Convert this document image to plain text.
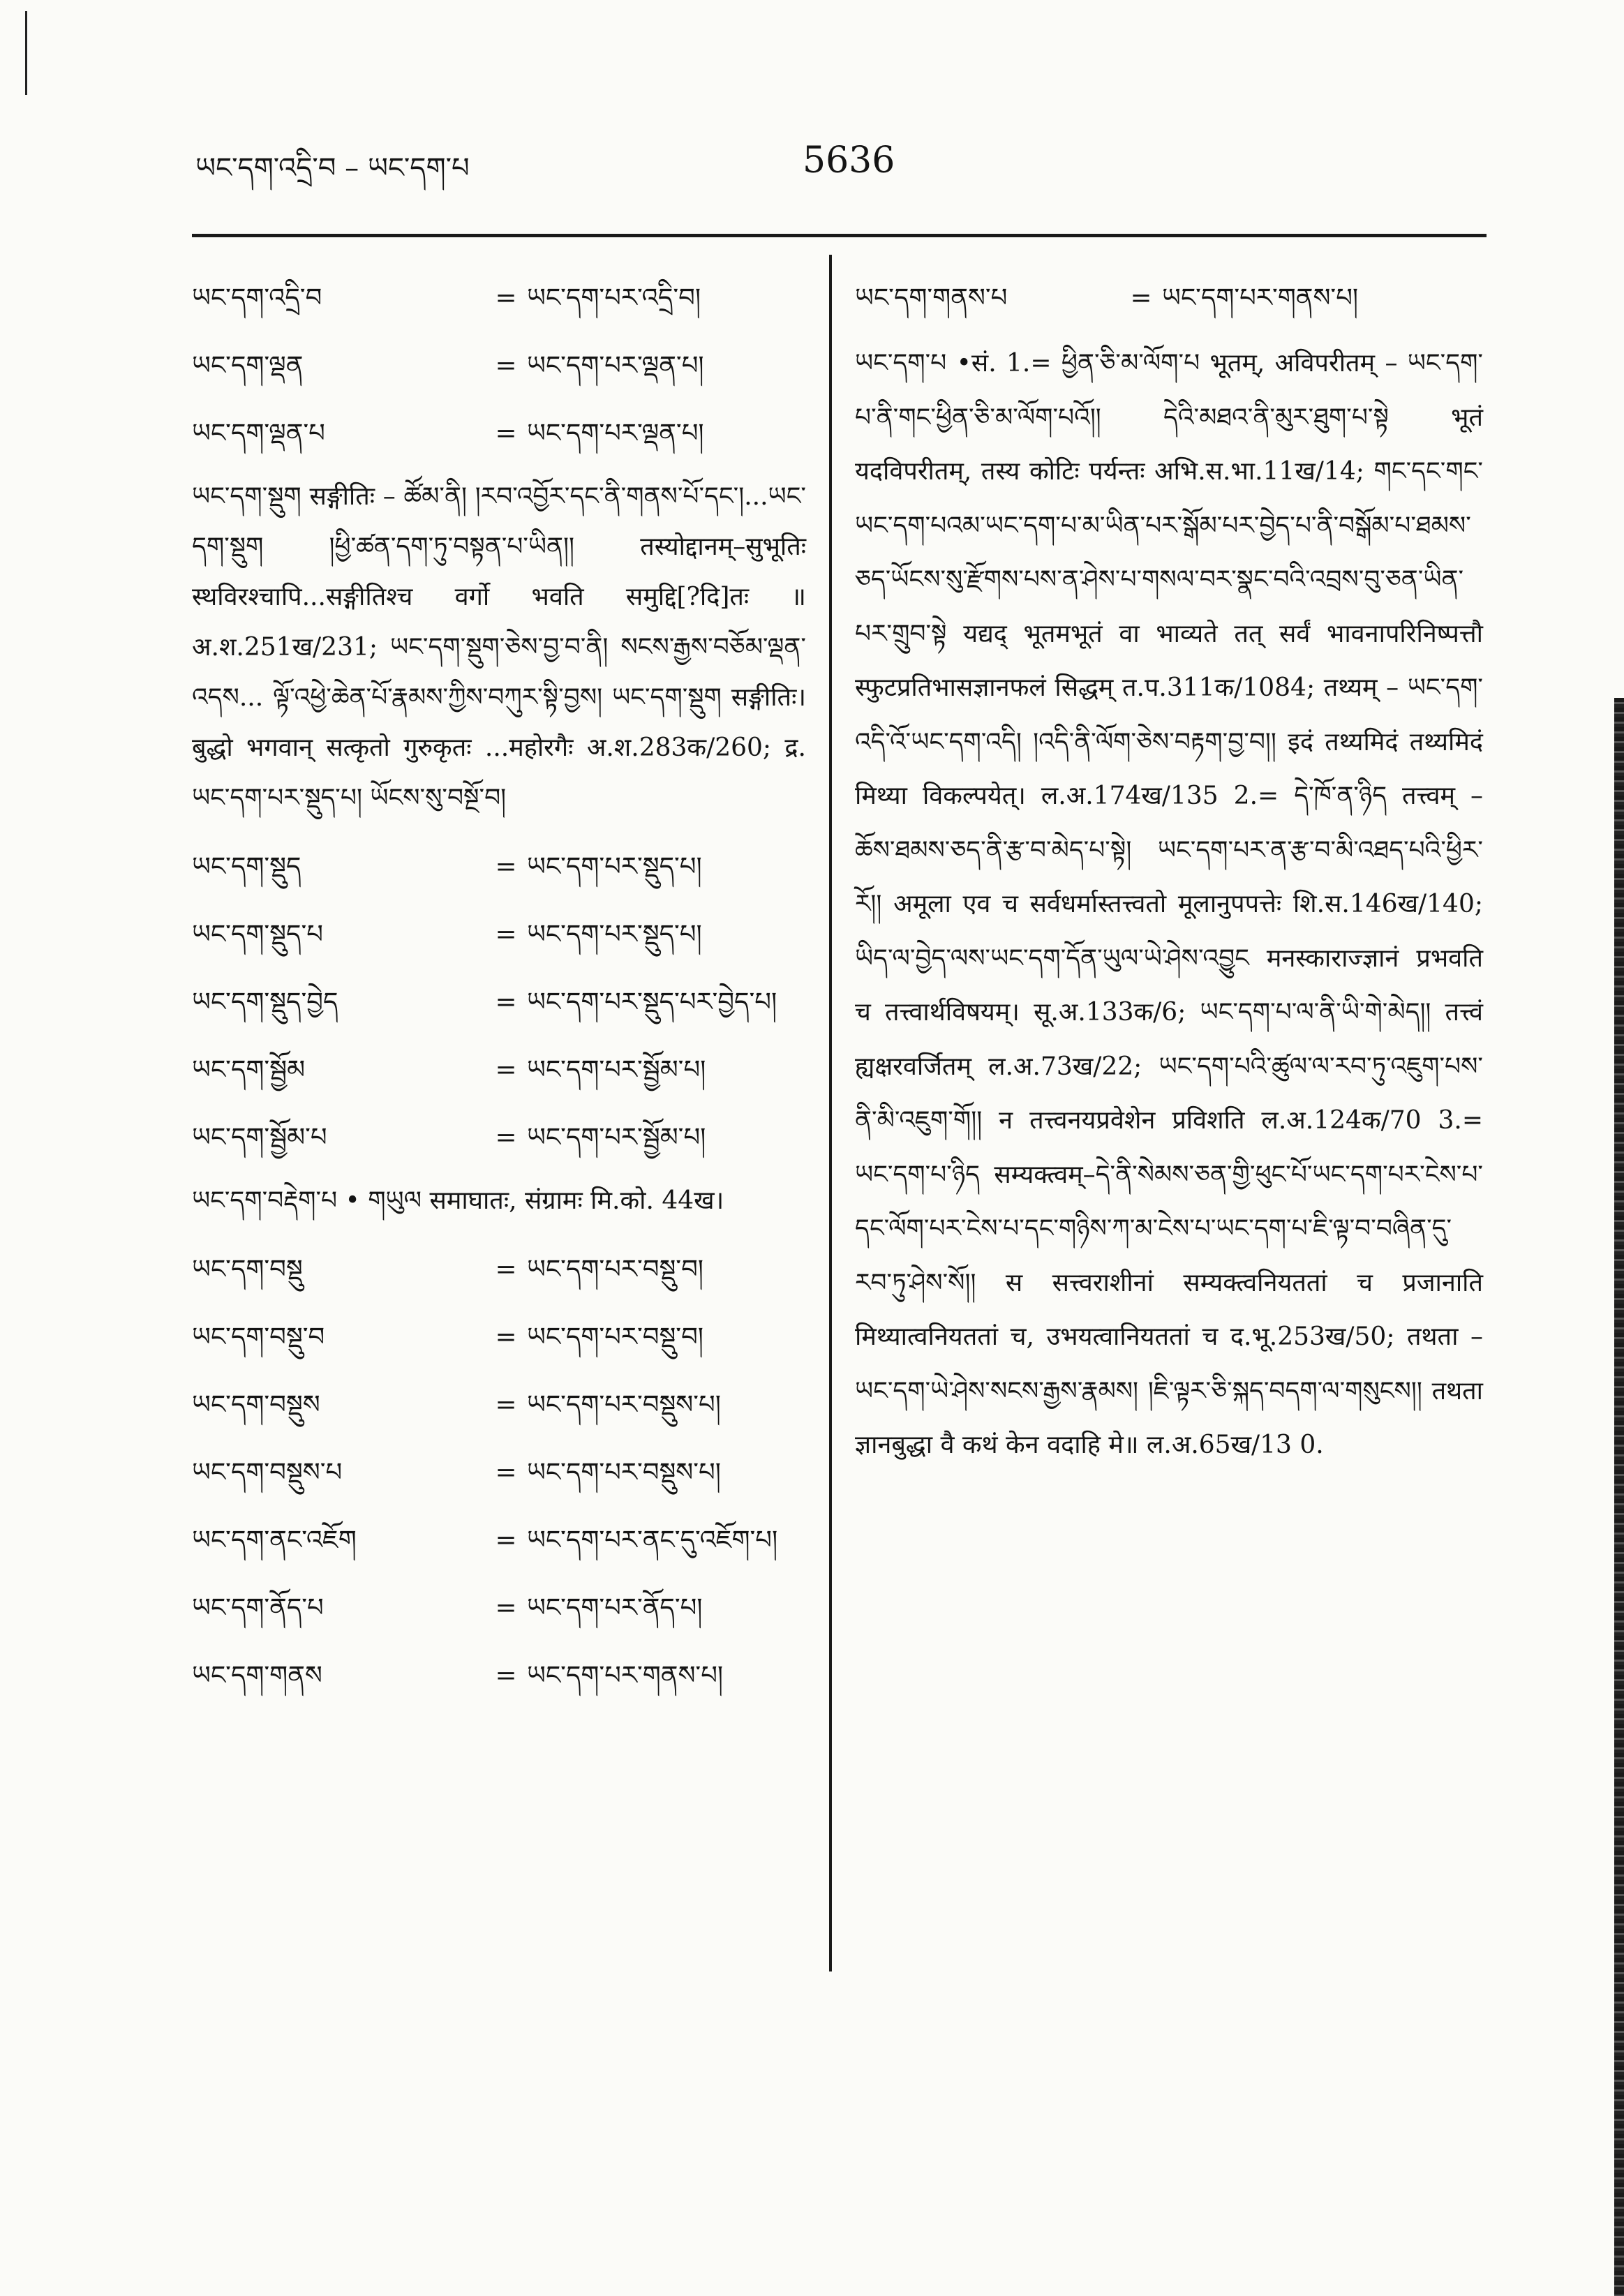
ཡང་དག་འདྲི་བ – ཡང་དག་པ	5636
ཡང་དག་འདྲི་བ	= ཡང་དག་པར་འདྲི་བ།
ཡང་དག་ལྡན	= ཡང་དག་པར་ལྡན་པ།
ཡང་དག་ལྡན་པ	= ཡང་དག་པར་ལྡན་པ།
ཡང་དག་སྡུག सङ्गीतिः – ཚོམ་ནི། །རབ་འབྱོར་དང་ནི་གནས་པོ་དང་།...ཡང་དག་སྡུག །ཕྱི་ཚན་དག་ཏུ་བསྟན་པ་ཡིན།། तस्योद्दानम्–सुभूतिः स्थविरश्चापि...सङ्गीतिश्च वर्गो भवति समुद्दि[?दि]तः ॥ अ.श.251ख/231; ཡང་དག་སྡུག་ཅེས་བྱ་བ་ནི། སངས་རྒྱས་བཅོམ་ལྡན་འདས... ལྟོ་འཕྱེ་ཆེན་པོ་རྣམས་ཀྱིས་བཀུར་སྟི་བྱས། ཡང་དག་སྡུག सङ्गीतिः। बुद्धो भगवान् सत्कृतो गुरुकृतः ...महोरगैः अ.श.283क/260; द्र. ཡང་དག་པར་སྡུད་པ། ཡོངས་སུ་བསྔོ་བ།
ཡང་དག་སྡུད	= ཡང་དག་པར་སྡུད་པ།
ཡང་དག་སྡུད་པ	= ཡང་དག་པར་སྡུད་པ།
ཡང་དག་སྡུད་བྱེད	= ཡང་དག་པར་སྡུད་པར་བྱེད་པ།
ཡང་དག་སྦྱོམ	= ཡང་དག་པར་སྦྱོམ་པ།
ཡང་དག་སྦྱོམ་པ	= ཡང་དག་པར་སྦྱོམ་པ།
ཡང་དག་བརྡེག་པ • གཡུལ समाघातः, संग्रामः मि.को. 44ख।
ཡང་དག་བསྡུ	= ཡང་དག་པར་བསྡུ་བ།
ཡང་དག་བསྡུ་བ	= ཡང་དག་པར་བསྡུ་བ།
ཡང་དག་བསྡུས	= ཡང་དག་པར་བསྡུས་པ།
ཡང་དག་བསྡུས་པ	= ཡང་དག་པར་བསྡུས་པ།
ཡང་དག་ནང་འཇོག	= ཡང་དག་པར་ནང་དུ་འཇོག་པ།
ཡང་དག་ནོད་པ	= ཡང་དག་པར་ནོད་པ།
ཡང་དག་གནས	= ཡང་དག་པར་གནས་པ།
ཡང་དག་གནས་པ	= ཡང་དག་པར་གནས་པ།
ཡང་དག་པ •सं. 1.= ཕྱིན་ཅི་མ་ལོག་པ भूतम्, अविपरीतम् – ཡང་དག་པ་ནི་གང་ཕྱིན་ཅི་མ་ལོག་པའོ།། དེའི་མཐའ་ནི་མུར་ཐུག་པ་སྟེ भूतं यदविपरीतम्, तस्य कोटिः पर्यन्तः अभि.स.भा.11ख/14; གང་དང་གང་ཡང་དག་པའམ་ཡང་དག་པ་མ་ཡིན་པར་སྒོམ་པར་བྱེད་པ་ནི་བསྒོམ་པ་ཐམས་ཅད་ཡོངས་སུ་རྫོགས་པས་ན་ཤེས་པ་གསལ་བར་སྣང་བའི་འབྲས་བུ་ཅན་ཡིན་པར་གྲུབ་སྟེ यद्यद् भूतमभूतं वा भाव्यते तत् सर्वं भावनापरिनिष्पत्तौ स्फुटप्रतिभासज्ञानफलं सिद्धम् त.प.311क/1084; तथ्यम् – ཡང་དག་འདི་འོ་ཡང་དག་འདི། །འདི་ནི་ལོག་ཅེས་བརྟག་བྱ་བ།། इदं तथ्यमिदं तथ्यमिदं मिथ्या विकल्पयेत्। ल.अ.174ख/135 2.= དེ་ཁོ་ན་ཉིད तत्त्वम् – ཆོས་ཐམས་ཅད་ནི་རྩ་བ་མེད་པ་སྟེ། ཡང་དག་པར་ན་རྩ་བ་མི་འཐད་པའི་ཕྱིར་རོ།། अमूला एव च सर्वधर्मास्तत्त्वतो मूलानुपपत्तेः शि.स.146ख/140; ཡིད་ལ་བྱེད་ལས་ཡང་དག་དོན་ཡུལ་ཡེ་ཤེས་འབྱུང मनस्काराज्ज्ञानं प्रभवति च तत्त्वार्थविषयम्। सू.अ.133क/6; ཡང་དག་པ་ལ་ནི་ཡི་གེ་མེད།། तत्त्वं ह्यक्षरवर्जितम् ल.अ.73ख/22; ཡང་དག་པའི་ཚུལ་ལ་རབ་ཏུ་འཇུག་པས་ནི་མི་འཇུག་གོ།། न तत्त्वनयप्रवेशेन प्रविशति ल.अ.124क/70 3.= ཡང་དག་པ་ཉིད सम्यक्त्वम्–དེ་ནི་སེམས་ཅན་གྱི་ཕུང་པོ་ཡང་དག་པར་ངེས་པ་དང་ལོག་པར་ངེས་པ་དང་གཉིས་ཀ་མ་ངེས་པ་ཡང་དག་པ་ཇི་ལྟ་བ་བཞིན་དུ་རབ་ཏུ་ཤེས་སོ།། स सत्त्वराशीनां सम्यक्त्वनियततां च प्रजानाति मिथ्यात्वनियततां च, उभयत्वानियततां च द.भू.253ख/50; तथता – ཡང་དག་ཡེ་ཤེས་སངས་རྒྱས་རྣམས། །ཇི་ལྟར་ཅི་སྐད་བདག་ལ་གསུངས།། तथता ज्ञानबुद्धा वै कथं केन वदाहि मे॥ ल.अ.65ख/13 0.
